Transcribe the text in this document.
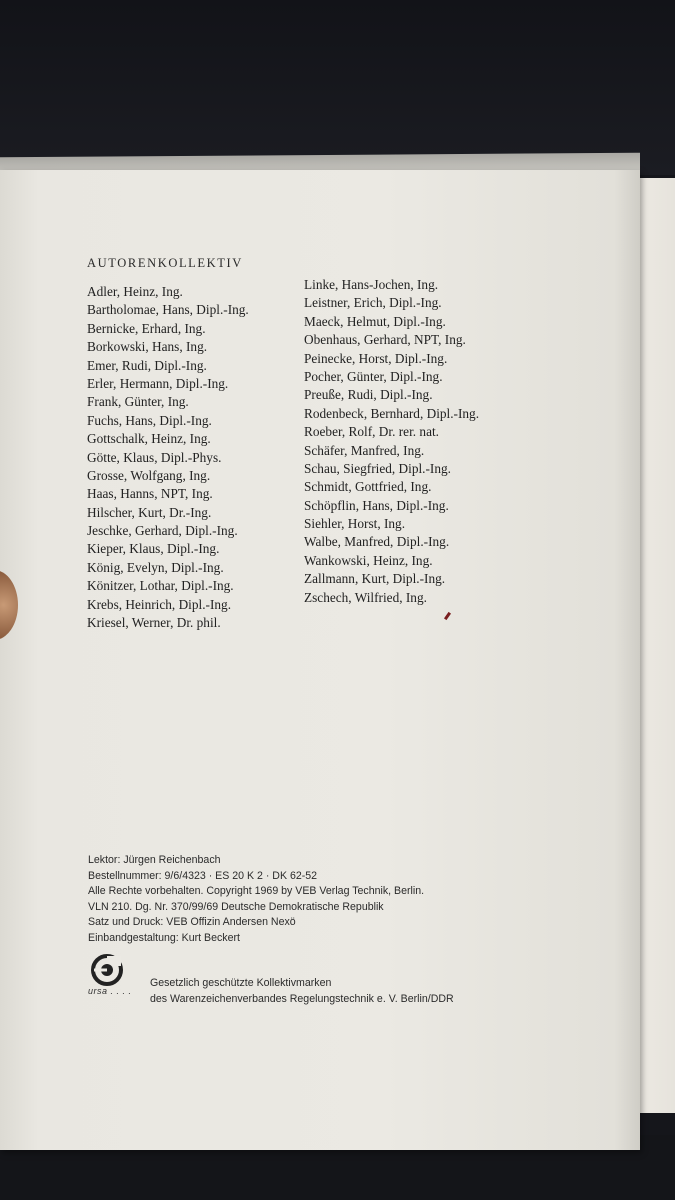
AUTORENKOLLEKTIV
Adler, Heinz, Ing.
Bartholomae, Hans, Dipl.-Ing.
Bernicke, Erhard, Ing.
Borkowski, Hans, Ing.
Emer, Rudi, Dipl.-Ing.
Erler, Hermann, Dipl.-Ing.
Frank, Günter, Ing.
Fuchs, Hans, Dipl.-Ing.
Gottschalk, Heinz, Ing.
Götte, Klaus, Dipl.-Phys.
Grosse, Wolfgang, Ing.
Haas, Hanns, NPT, Ing.
Hilscher, Kurt, Dr.-Ing.
Jeschke, Gerhard, Dipl.-Ing.
Kieper, Klaus, Dipl.-Ing.
König, Evelyn, Dipl.-Ing.
Könitzer, Lothar, Dipl.-Ing.
Krebs, Heinrich, Dipl.-Ing.
Kriesel, Werner, Dr. phil.
Linke, Hans-Jochen, Ing.
Leistner, Erich, Dipl.-Ing.
Maeck, Helmut, Dipl.-Ing.
Obenhaus, Gerhard, NPT, Ing.
Peinecke, Horst, Dipl.-Ing.
Pocher, Günter, Dipl.-Ing.
Preuße, Rudi, Dipl.-Ing.
Rodenbeck, Bernhard, Dipl.-Ing.
Roeber, Rolf, Dr. rer. nat.
Schäfer, Manfred, Ing.
Schau, Siegfried, Dipl.-Ing.
Schmidt, Gottfried, Ing.
Schöpflin, Hans, Dipl.-Ing.
Siehler, Horst, Ing.
Walbe, Manfred, Dipl.-Ing.
Wankowski, Heinz, Ing.
Zallmann, Kurt, Dipl.-Ing.
Zschech, Wilfried, Ing.
Lektor: Jürgen Reichenbach
Bestellnummer: 9/6/4323 · ES 20 K 2 · DK 62-52
Alle Rechte vorbehalten. Copyright 1969 by VEB Verlag Technik, Berlin.
VLN 210. Dg. Nr. 370/99/69 Deutsche Demokratische Republik
Satz und Druck: VEB Offizin Andersen Nexö
Einbandgestaltung: Kurt Beckert
ursa . . . .
Gesetzlich geschützte Kollektivmarken
des Warenzeichenverbandes Regelungstechnik e. V. Berlin/DDR
